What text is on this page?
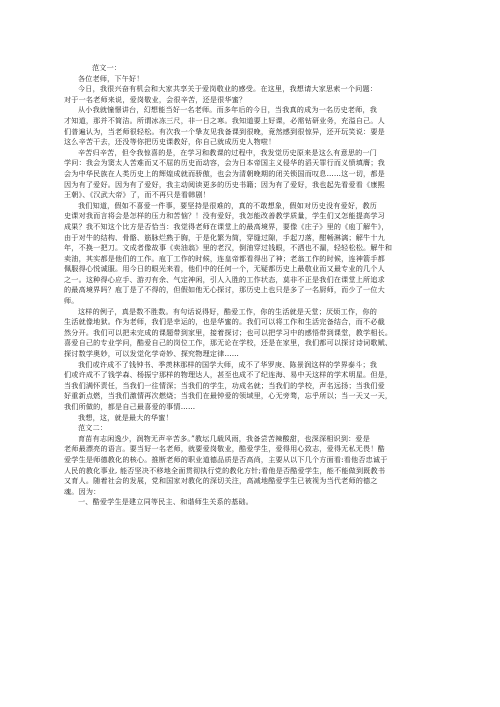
范文一：
各位老师，下午好！
今日，我很兴奋有机会和大家共享关于爱岗敬业的感受。在这里，我想请大家思索一个问题：
对于一名老师来说，爱岗敬业，会很辛苦，还是很华蜜？
从小我就憧憬讲台，幻想能当好一名老师。而多年后的今日，当我真的成为一名历史老师，我
才知道，那并不简洁。所谓冰冻三尺，非一日之寒。我知道要上好课，必需钻研业务，充溢自己。人
们普遍认为，当老师很轻松。有次我一个挚友见我备课到很晚，竟然感到很惊异，还开玩笑说：要是
这么辛苦干去，还没等你把历史课教好，你自己就成历史人物啦！
辛苦归辛苦，但令我惊喜的是，在学习和教课的过程中，我发觉历史原来是这么有意思的一门
学问：我会为窦太人苦难而又不屈的历史而动容，会为日本帝国主义侵华的滔天罪行而义愤填膺；我
会为中华民族在人类历史上的辉煌成就而骄傲，也会为清朝晚期的闭关锁国而叹息……这一切，都是
因为有了爱好。因为有了爱好，我主动阅读更多的历史书籍；因为有了爱好，我也起先看爱看《康熙
王朝》、《汉武大帝》了，而不再只是看韩剧！
我们知道，假如不喜爱一件事，要坚持是很难的，真的不敢想象，假如对历史没有爱好，教历
史课对我而言将会是怎样的压力和苦恼？！没有爱好，我怎能改善教学质量，学生们又怎能提高学习
成果？我不知这个比方是否恰当：我觉得老师在课堂上的最高境界，要像《庄子》里的《庖丁解牛》，
由于对牛的结构、骨骼、筋脉烂熟于胸，于是化繁为简，穿缝过隙，手起刀落，酣畅淋漓；解牛十九
年，不换一把刀。文成者像故事《卖油翁》里的老汉，倒油穿过钱眼，不洒也不漏，轻轻松松。解牛和
卖油，其实都是他们的工作。庖丁工作的时候，连皇帝都看得出了神；老翁工作的时候，连神箭手都
佩服得心悦诚服。用今日的眼光来看，他们中的任何一个，无疑都历史上最敬业而又最专业的几个人
之一。这种得心应手、游刃有余、气定神闲，引人入胜的工作状态，莫非不正是我们在课堂上所追求
的最高境界吗？庖丁是了不得的，但假如他无心探讨，那历史上也只是多了一名厨师，而少了一位大
师。
这样的例子，真是数不胜数。有句话说得好，酷爱工作，你的生活就是天堂；厌烦工作，你的
生活就像地狱。作为老师，我们是幸运的，也是华蜜的。我们可以将工作和生活完备结合，而不必截
然分开。我们可以把未完成的课题带到家里，接着探讨；也可以把学习中的感悟带到课堂，教学相长。
喜爱自己的专业学问，酷爱自己的岗位工作，那无论在学校，还是在家里，我们都可以探讨诗词歌赋、
探讨数学奥妙，可以发觉化学奇妙、探究物理定律……
我们或许成不了钱钟书、季羡林那样的国学大师，成不了华罗庚、陈景润这样的学界泰斗；我
们或许成不了钱学森、杨振宁那样的物理达人，甚至也成不了纪连海、易中天这样的学术明星。但是，
当我们满怀责任，当我们一往情深；当我们的学生，功成名就；当我们的学校，声名远扬；当我们爱
好重新点燃，当我们激情再次燃烧；当我们在最钟爱的领域里，心无旁骛，忘乎所以；当一天又一天，
我们所做的，都是自己最喜爱的事情……
我想，这，就是最大的华蜜！
范文二：
育苗有志闲逸少，润物无声辛苦多。”教坛几载风雨，我备尝苦辣酸甜，也深深相识到：爱是
老师最漂亮的语言。要当好一名老师，就要爱岗敬业，酷爱学生，爱得用心致志，爱得无私无畏！酷
爱学生是师德教化的核心。推断老师的职业道德品质是否高尚，主要从以下几个方面看:看他否忠诚于
人民的教化事业, 能否坚决不移地全面贯彻执行党的教化方针;看他是否酷爱学生，能不能做到既教书
又育人。随着社会的发展，党和国家对教化的深切关注，高减地酷爱学生已被视为当代老师的德之
魂。因为：
一、酷爱学生是建立同等民主、和谐师生关系的基础。
